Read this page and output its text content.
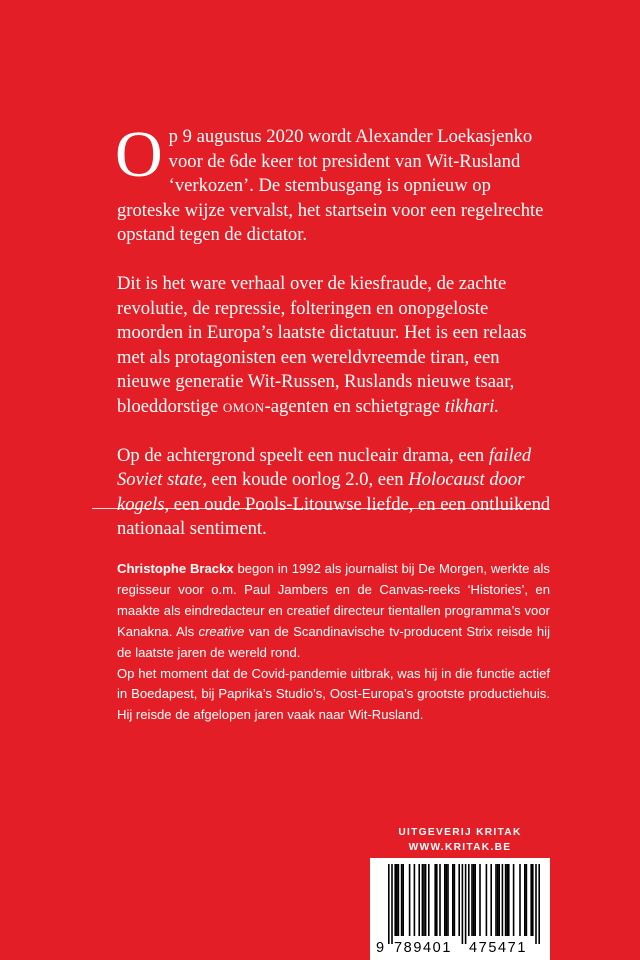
Op 9 augustus 2020 wordt Alexander Loekasjenko voor de 6de keer tot president van Wit-Rusland ‘verkozen’. De stembusgang is opnieuw op groteske wijze vervalst, het startsein voor een regelrechte opstand tegen de dictator.

Dit is het ware verhaal over de kiesfraude, de zachte revolutie, de repressie, folteringen en onopgeloste moorden in Europa’s laatste dictatuur. Het is een relaas met als protagonisten een wereldvreemde tiran, een nieuwe generatie Wit-Russen, Ruslands nieuwe tsaar, bloeddorstige omon-agenten en schietgrage tikhari.

Op de achtergrond speelt een nucleair drama, een failed Soviet state, een koude oorlog 2.0, een Holocaust door kogels, een oude Pools-Litouwse liefde, en een ontluikend nationaal sentiment.

Christophe Brackx begon in 1992 als journalist bij De Morgen, werkte als regisseur voor o.m. Paul Jambers en de Canvas-reeks ‘Histories’, en maakte als eindredacteur en creatief directeur tientallen programma’s voor Kanakna. Als creative van de Scandinavische tv-producent Strix reisde hij de laatste jaren de wereld rond.

Op het moment dat de Covid-pandemie uitbrak, was hij in die functie actief in Boedapest, bij Paprika’s Studio’s, Oost-Europa’s grootste productiehuis. Hij reisde de afgelopen jaren vaak naar Wit-Rusland.

UITGEVERIJ KRITAK
WWW.KRITAK.BE
9 789401 475471
